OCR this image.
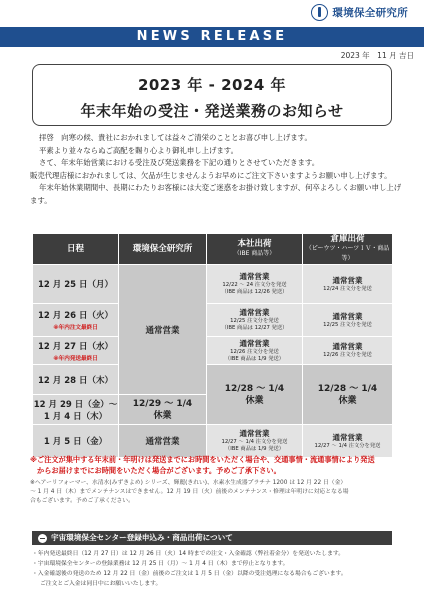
環境保全研究所
NEWS RELEASE
2023 年　11 月 吉日
2023 年 - 2024 年
年末年始の受注・発送業務のお知らせ

拝啓　向寒の候、貴社におかれましては益々ご清栄のこととお喜び申し上げます。

平素より並々ならぬご高配を賜り心より御礼申し上げます。

さて、年末年始営業における受注及び発送業務を下記の通りとさせていただきます。

販売代理店様におかれましては、欠品が生じませんようお早めにご注文下さいますようお願い申し上げます。

年末年始休業期間中、長期にわたりお客様には大変ご迷惑をお掛け致しますが、何卒よろしくお願い申し上げます。

日程	環境保全研究所	本社出荷
（IBE 商品等）	倉庫出荷
（ピーウツ・ハーツＩＶ・商品等）

12 月 25 日（月）	通常営業	通常営業
12/22 ～ 24 注文分を発送
（IBE 商品は 12/26 発送）	通常営業
12/24 注文分を発送
12 月 26 日（火）
※年内注文最終日		通常営業
12/25 注文分を発送
（IBE 商品は 12/27 発送）	通常営業
12/25 注文分を発送
12 月 27 日（水）
※年内発送最終日		通常営業
12/26 注文分を発送
（IBE 商品は 1/9 発送）	通常営業
12/26 注文分を発送
12 月 28 日（木）		12/28 ～ 1/4
休業	12/28 ～ 1/4
休業
12 月 29 日（金）～
1 月 4 日（木）	12/29 ～ 1/4
休業		
1 月 5 日（金）	通常営業	通常営業
12/27 ～ 1/4 注文分を発送
（IBE 商品は 1/9 発送）	通常営業
12/27 ～ 1/4 注文分を発送
※ご注文が集中する年末前・年明けは発送までにお時間をいただく場合や、交通事情・流通事情により発送
からお届けまでにお時間をいただく場合がございます。予めご了承下さい。
※ヘアーリフォーマー、水清水(みずきよめ) シリーズ、輝麗(きれい)、水素水生成器プラチナ 1200 は 12 月 22 日（金）
～ 1 月 4 日（木）までメンテナンスはできません。12 月 19 日（火）前後のメンテナンス・修理は年明けに対応となる場
合もございます。予めご了承ください。
宇宙環境保全センター登録申込み・商品出荷について
・年内発送最終日（12 月 27 日）は 12 月 26 日（火）14 時までの注文・入金確認（弊社着金分）を発送いたします。
・宇宙環境保全センターの登録業務は 12 月 25 日（月）～ 1 月 4 日（木）まで停止となります。
・入金確認後の発送のため 12 月 22 日（金）前後のご注文は 1 月 5 日（金）以降の受注処理になる場合もございます。
ご注文とご入金は同日中にお願いいたします。
